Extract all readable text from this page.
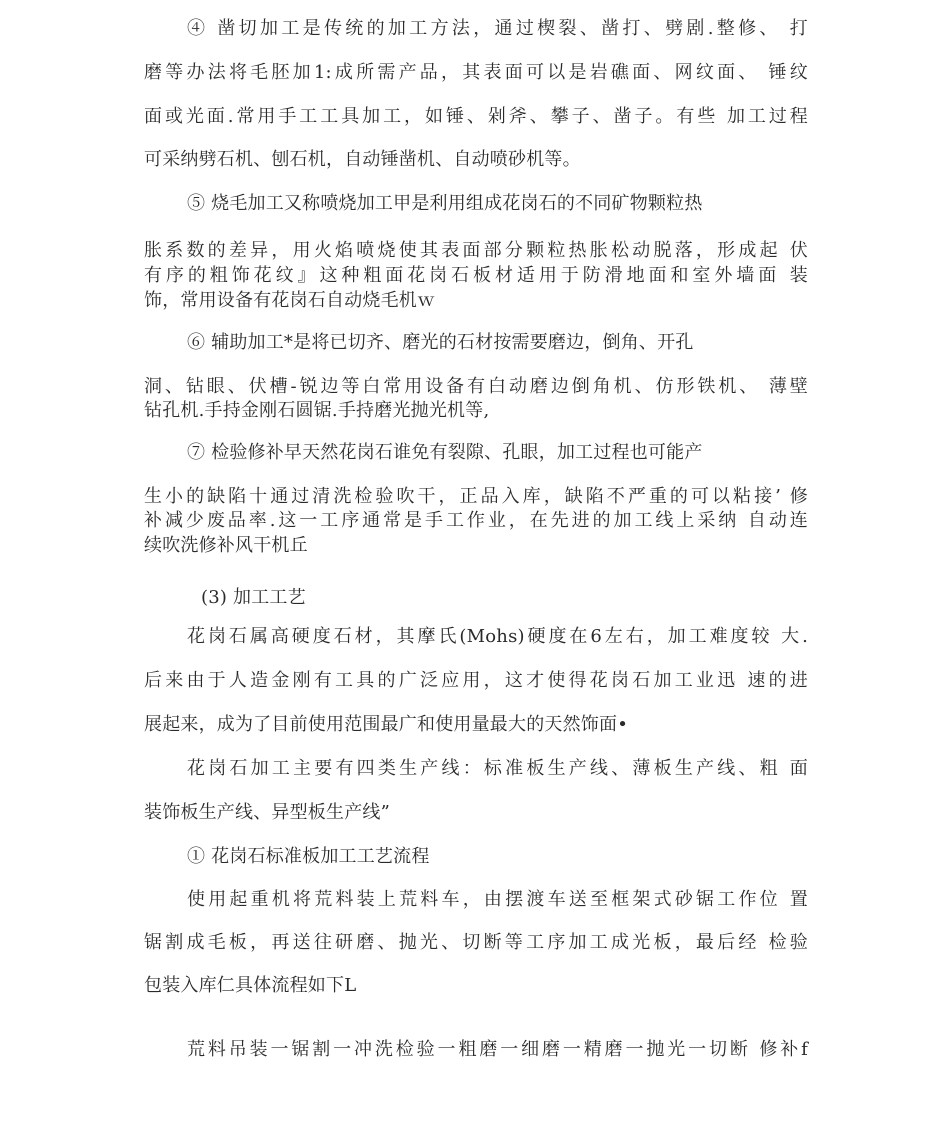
④ 凿切加工是传统的加工方法，通过楔裂、凿打、劈剧.整修、 打
磨等办法将毛胚加1:成所需产品，其表面可以是岩礁面、网纹面、 锤纹
面或光面.常用手工工具加工，如锤、剁斧、攀子、凿子。有些 加工过程
可采纳劈石机、刨石机，自动锤凿机、自动喷砂机等。
⑤ 烧毛加工又称喷烧加工甲是利用组成花岗石的不同矿物颗粒热
胀系数的差异，用火焰喷烧使其表面部分颗粒热胀松动脱落，形成起 伏
有序的粗饰花纹』这种粗面花岗石板材适用于防滑地面和室外墙面 装
饰，常用设备有花岗石自动烧毛机ｗ
⑥ 辅助加工*是将已切齐、磨光的石材按需要磨边，倒角、开孔
洞、钻眼、伏槽-锐边等白常用设备有白动磨边倒角机、仿形铁机、 薄壁
钻孔机.手持金刚石圆锯.手持磨光抛光机等,
⑦ 检验修补早天然花岗石谁免有裂隙、孔眼，加工过程也可能产
生小的缺陷十通过清洗检验吹干，正品入库，缺陷不严重的可以粘接’ 修
补减少废品率.这一工序通常是手工作业，在先进的加工线上采纳 自动连
续吹洗修补风干机丘
(3) 加工工艺
花岗石属高硬度石材，其摩氏(Mohs)硬度在6左右，加工难度较 大.
后来由于人造金刚有工具的广泛应用，这才使得花岗石加工业迅 速的进
展起来，成为了目前使用范围最广和使用量最大的天然饰面•
花岗石加工主要有四类生产线：标准板生产线、薄板生产线、粗 面
装饰板生产线、异型板生产线”
① 花岗石标准板加工工艺流程
使用起重机将荒料装上荒料车，由摆渡车送至框架式砂锯工作位 置
锯割成毛板，再送往研磨、抛光、切断等工序加工成光板，最后经 检验
包装入库仁具体流程如下L
荒料吊装一锯割一冲洗检验一粗磨一细磨一精磨一抛光一切断 修补f
